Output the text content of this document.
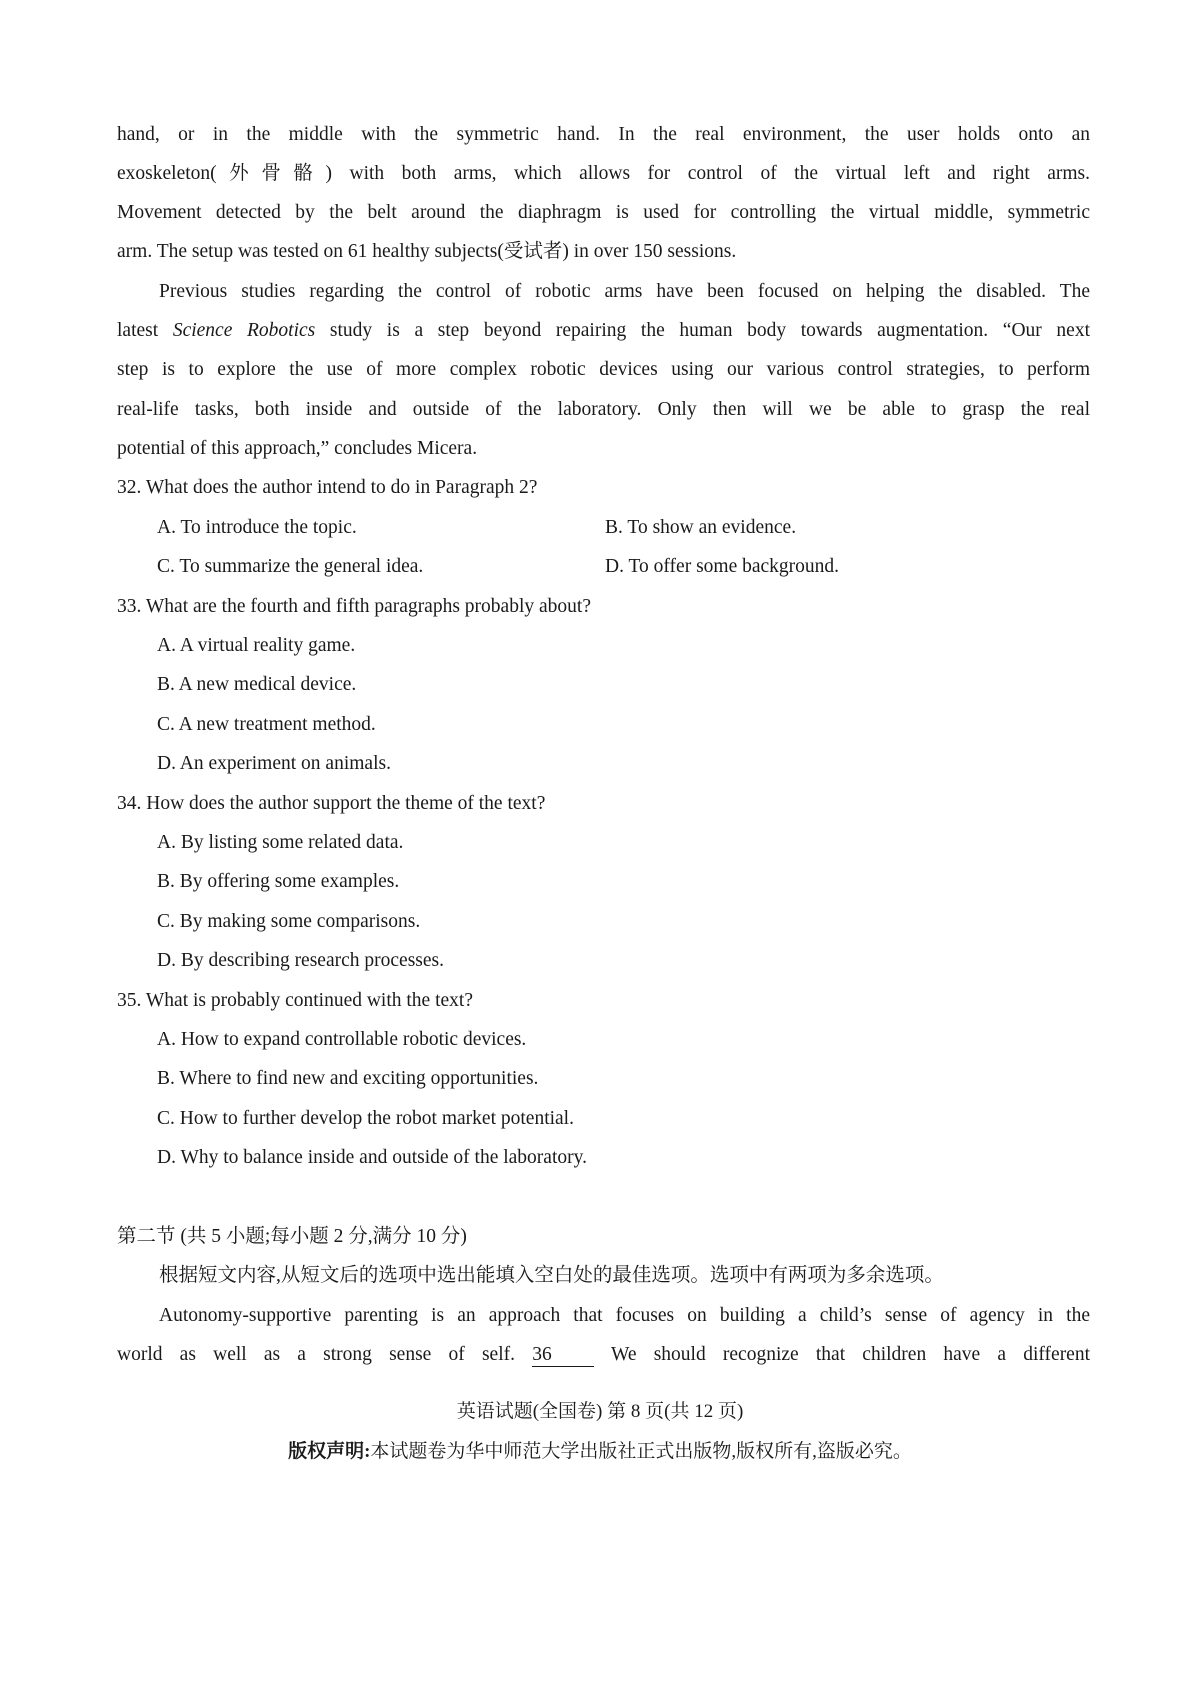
hand, or in the middle with the symmetric hand. In the real environment, the user holds onto an
exoskeleton(外骨骼) with both arms, which allows for control of the virtual left and right arms.
Movement detected by the belt around the diaphragm is used for controlling the virtual middle, symmetric
arm. The setup was tested on 61 healthy subjects(受试者) in over 150 sessions.
Previous studies regarding the control of robotic arms have been focused on helping the disabled. The
latest Science Robotics study is a step beyond repairing the human body towards augmentation. “Our next
step is to explore the use of more complex robotic devices using our various control strategies, to perform
real-life tasks, both inside and outside of the laboratory. Only then will we be able to grasp the real
potential of this approach,” concludes Micera.
32. What does the author intend to do in Paragraph 2?
A. To introduce the topic.	B. To show an evidence.
C. To summarize the general idea.	D. To offer some background.
33. What are the fourth and fifth paragraphs probably about?
A. A virtual reality game.
B. A new medical device.
C. A new treatment method.
D. An experiment on animals.
34. How does the author support the theme of the text?
A. By listing some related data.
B. By offering some examples.
C. By making some comparisons.
D. By describing research processes.
35. What is probably continued with the text?
A. How to expand controllable robotic devices.
B. Where to find new and exciting opportunities.
C. How to further develop the robot market potential.
D. Why to balance inside and outside of the laboratory.
第二节 (共 5 小题;每小题 2 分,满分 10 分)
根据短文内容,从短文后的选项中选出能填入空白处的最佳选项。选项中有两项为多余选项。
Autonomy-supportive parenting is an approach that focuses on building a child’s sense of agency in the
world as well as a strong sense of self. 36	We should recognize that children have a different
英语试题(全国卷) 第 8 页(共 12 页)
版权声明:本试题卷为华中师范大学出版社正式出版物,版权所有,盗版必究。
